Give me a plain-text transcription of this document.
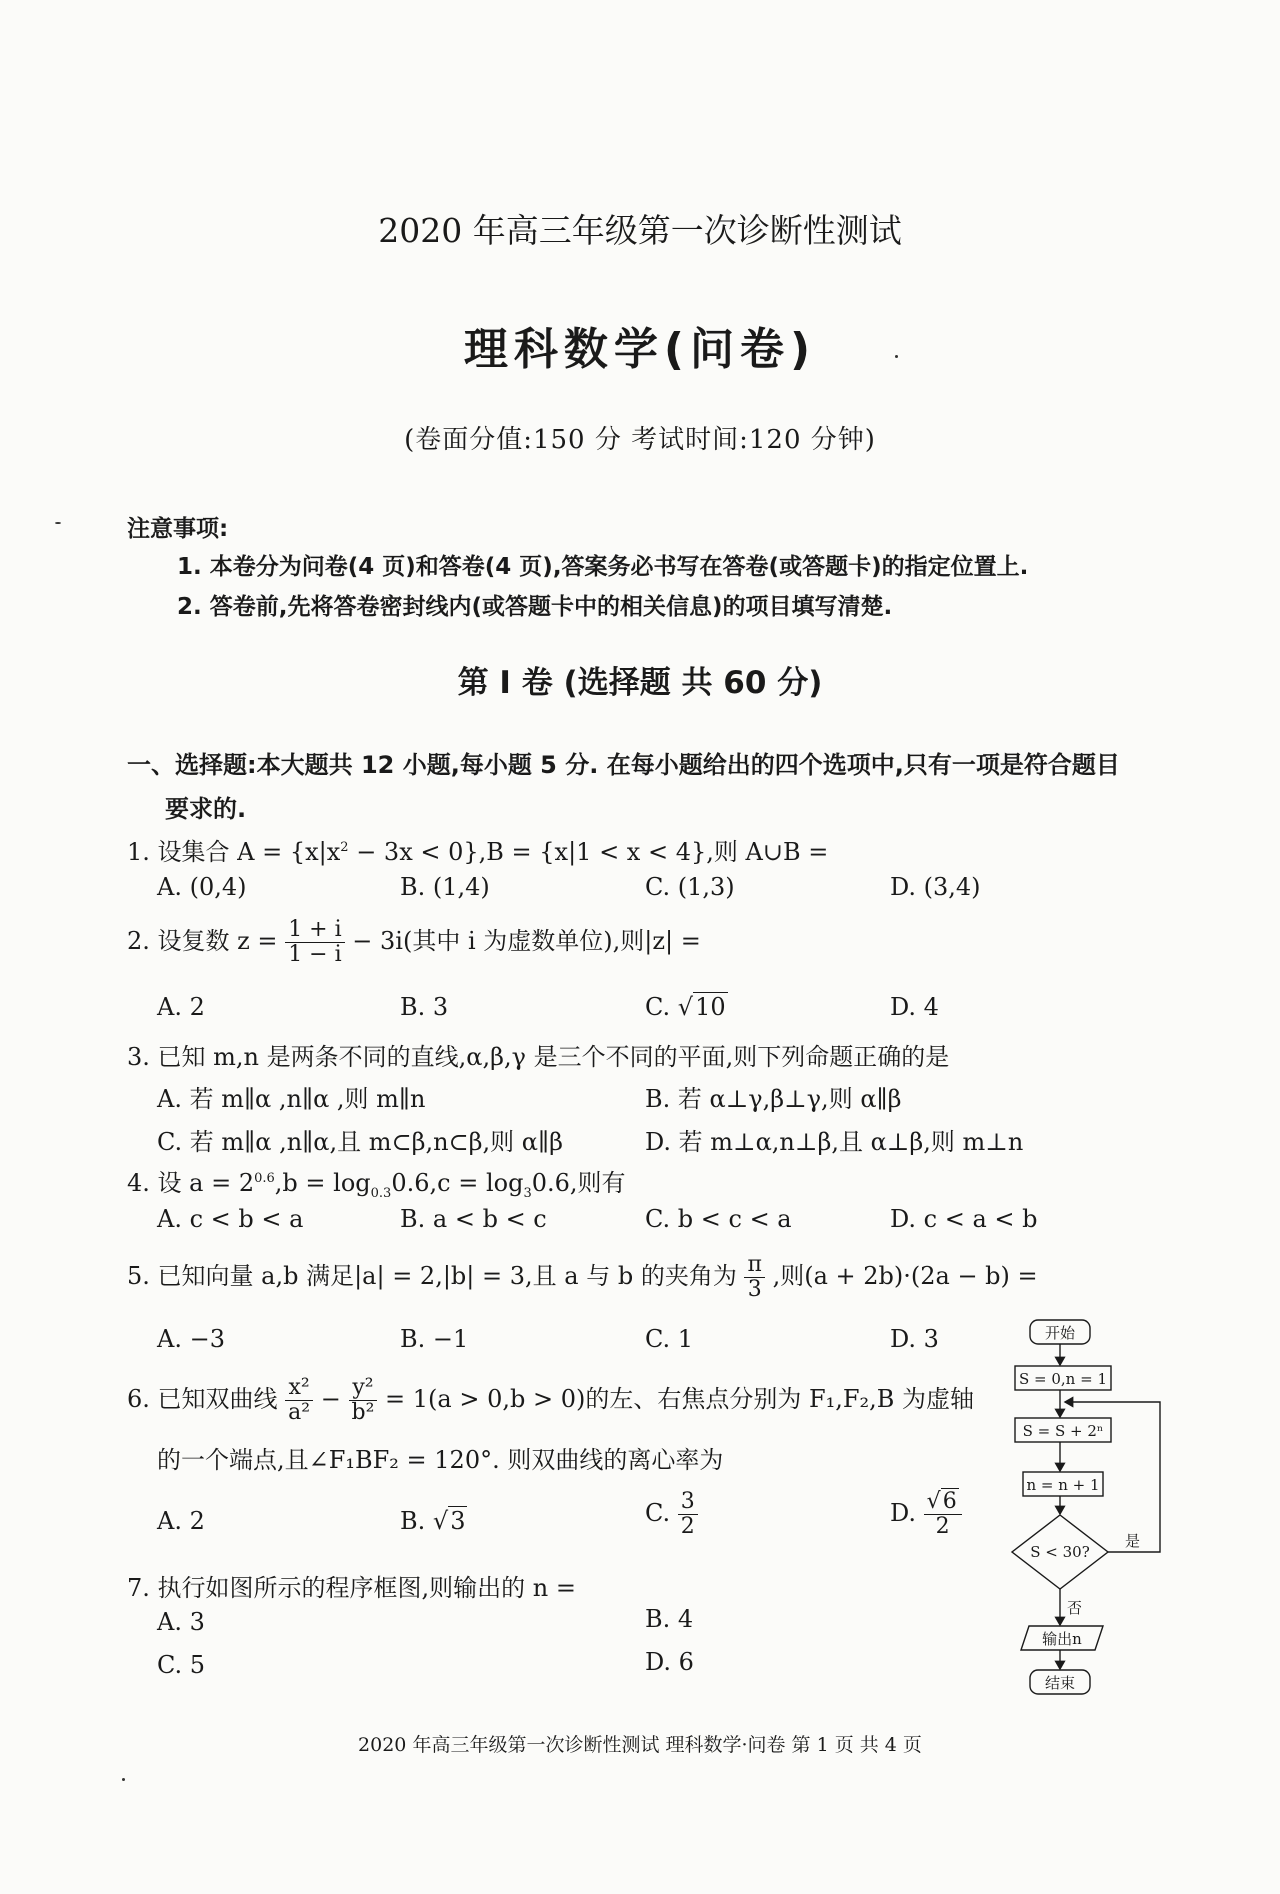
2020 年高三年级第一次诊断性测试
理科数学(问卷)
(卷面分值:150 分 考试时间:120 分钟)
注意事项:
1. 本卷分为问卷(4 页)和答卷(4 页),答案务必书写在答卷(或答题卡)的指定位置上.
2. 答卷前,先将答卷密封线内(或答题卡中的相关信息)的项目填写清楚.
第 I 卷 (选择题 共 60 分)
一、选择题:本大题共 12 小题,每小题 5 分. 在每小题给出的四个选项中,只有一项是符合题目
要求的.
1. 设集合 $A = \{x|x^2 - 3x < 0\},B = \{x|1 < x < 4\}$,则 A∪B =
A. (0,4)	B. (1,4)	C. (1,3)	D. (3,4)
2. 设复数 $z = \frac{1 + i}{1 - i} - 3i$(其中 i 为虚数单位),则|z| =
A. 2	B. 3	C. √10	D. 4
3. 已知 m,n 是两条不同的直线,α,β,γ 是三个不同的平面,则下列命题正确的是
A. 若 m∥α ,n∥α ,则 m∥n	B. 若 α⊥γ,β⊥γ,则 α∥β
C. 若 m∥α ,n∥α,且 m⊂β,n⊂β,则 α∥β	D. 若 m⊥α,n⊥β,且 α⊥β,则 m⊥n
4. 设 $a = 2^{0.6},b = \log_{0.3}0.6,c = \log_30.6$,则有
A. c < b < a	B. a < b < c	C. b < c < a	D. c < a < b
5. 已知向量 a,b 满足|a| = 2,|b| = 3,且 a 与 b 的夹角为 $\frac{\pi}{3}$ ,则(a + 2b)·(2a − b) =
A. −3	B. −1	C. 1	D. 3
6. 已知双曲线 $\frac{\text{x²}}{\text{a²}} - \frac{\text{y²}}{\text{b²}} = 1(a > 0,b > 0)$的左、右焦点分别为 F₁,F₂,B 为虚轴
的一个端点,且∠F₁BF₂ = 120°. 则双曲线的离心率为
A. 2	B. √3	C. $\frac{3}{2}$	D. $\frac{√6}{2}$
7. 执行如图所示的程序框图,则输出的 n =
A. 3	B. 4
C. 5	D. 6
开始
S = 0,n = 1
S = S + 2ⁿ
n = n + 1
S < 30?
是
否
输出n
结束
2020 年高三年级第一次诊断性测试 理科数学·问卷 第 1 页 共 4 页
